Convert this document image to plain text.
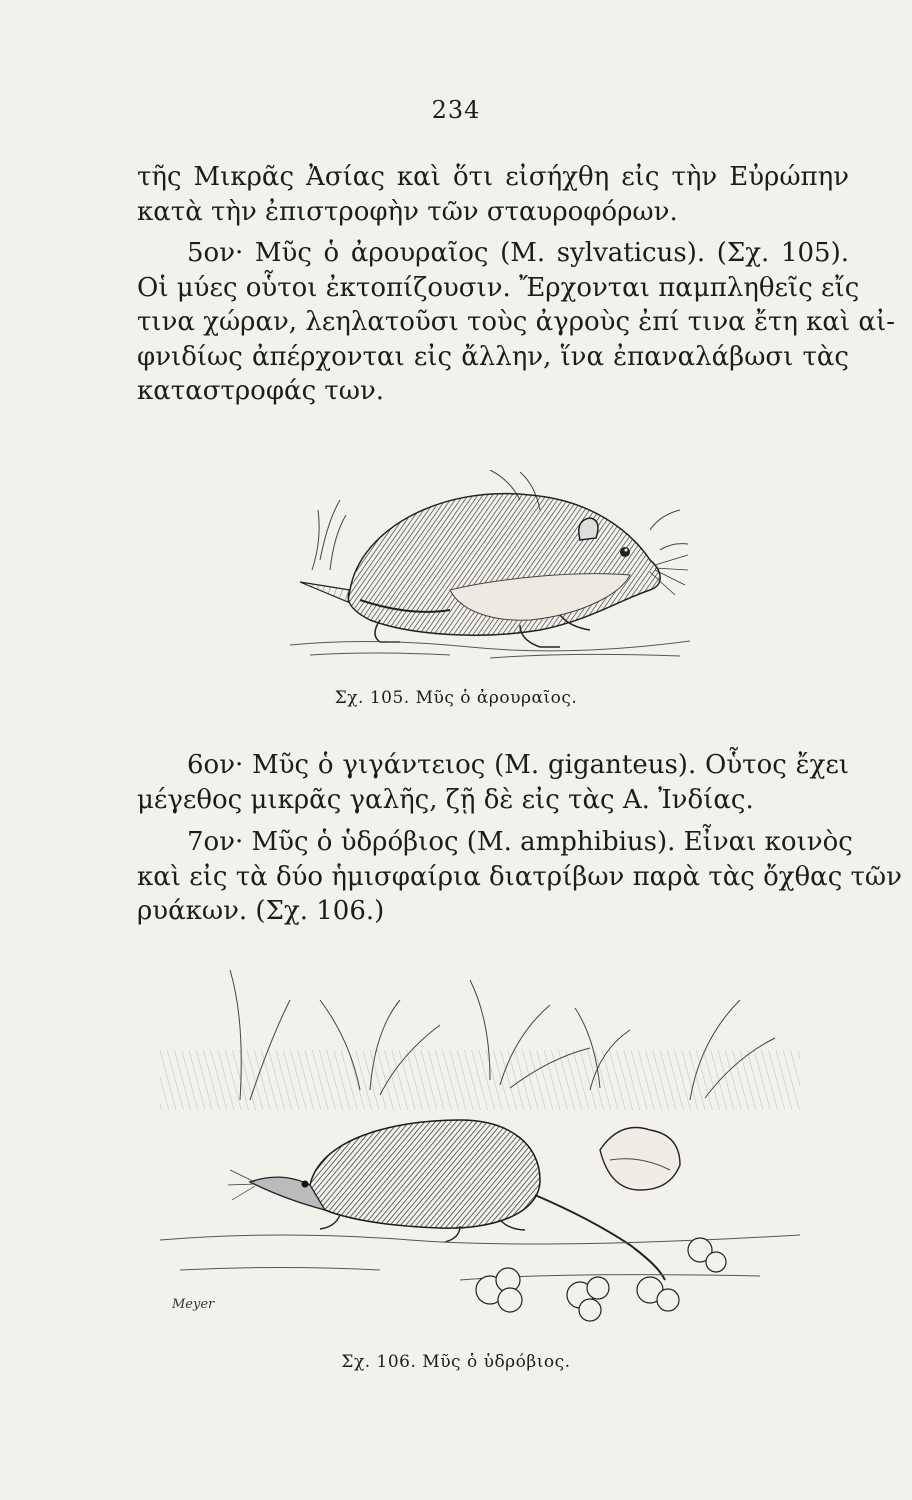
234
τῆς Μικρᾶς Ἀσίας καὶ ὅτι εἰσήχθη εἰς τὴν Εὐρώπην
κατὰ τὴν ἐπιστροφὴν τῶν σταυροφόρων.
5ον· Μῦς ὁ ἀρουραῖος (M. sylvaticus). (Σχ. 105).
Οἱ μύες οὗτοι ἐκτοπίζουσιν. Ἔρχονται παμπληθεῖς εἴς
τινα χώραν, λεηλατοῦσι τοὺς ἀγροὺς ἐπί τινα ἔτη καὶ αἰ-
φνιδίως ἀπέρχονται εἰς ἄλλην, ἵνα ἐπαναλάβωσι τὰς
καταστροφάς των.
Σχ. 105. Μῦς ὁ ἀρουραῖος.
6ον· Μῦς ὁ γιγάντειος (M. giganteus). Οὗτος ἔχει
μέγεθος μικρᾶς γαλῆς, ζῇ δὲ εἰς τὰς Α. Ἰνδίας.
7ον· Μῦς ὁ ὑδρόβιος (M. amphibius). Εἶναι κοινὸς
καὶ εἰς τὰ δύο ἡμισφαίρια διατρίβων παρὰ τὰς ὄχθας τῶν
ρυάκων. (Σχ. 106.)
Meyer
Σχ. 106. Μῦς ὁ ὑδρόβιος.
